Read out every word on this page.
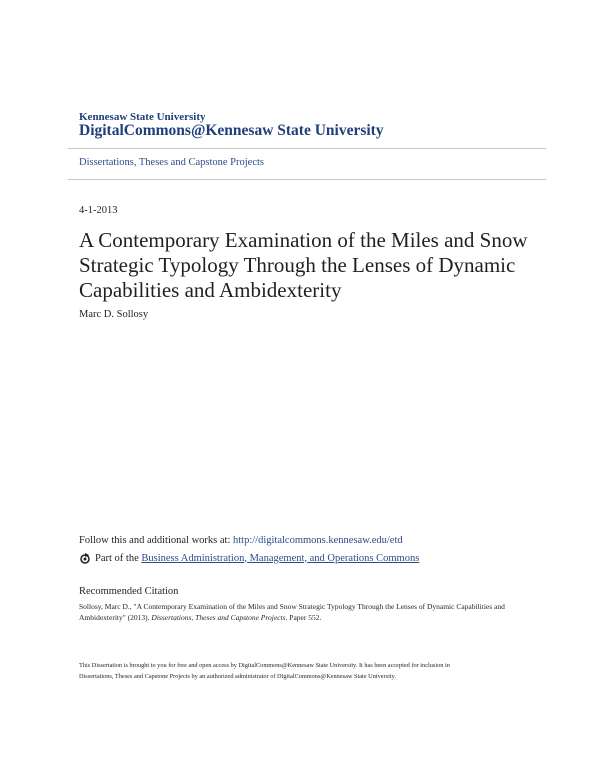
Kennesaw State University
DigitalCommons@Kennesaw State University
Dissertations, Theses and Capstone Projects
4-1-2013
A Contemporary Examination of the Miles and Snow Strategic Typology Through the Lenses of Dynamic Capabilities and Ambidexterity
Marc D. Sollosy
Follow this and additional works at: http://digitalcommons.kennesaw.edu/etd
Part of the Business Administration, Management, and Operations Commons
Recommended Citation
Sollosy, Marc D., "A Contemporary Examination of the Miles and Snow Strategic Typology Through the Lenses of Dynamic Capabilities and Ambidexterity" (2013). Dissertations, Theses and Capstone Projects. Paper 552.
This Dissertation is brought to you for free and open access by DigitalCommons@Kennesaw State University. It has been accepted for inclusion in
Dissertations, Theses and Capstone Projects by an authorized administrator of DigitalCommons@Kennesaw State University.
